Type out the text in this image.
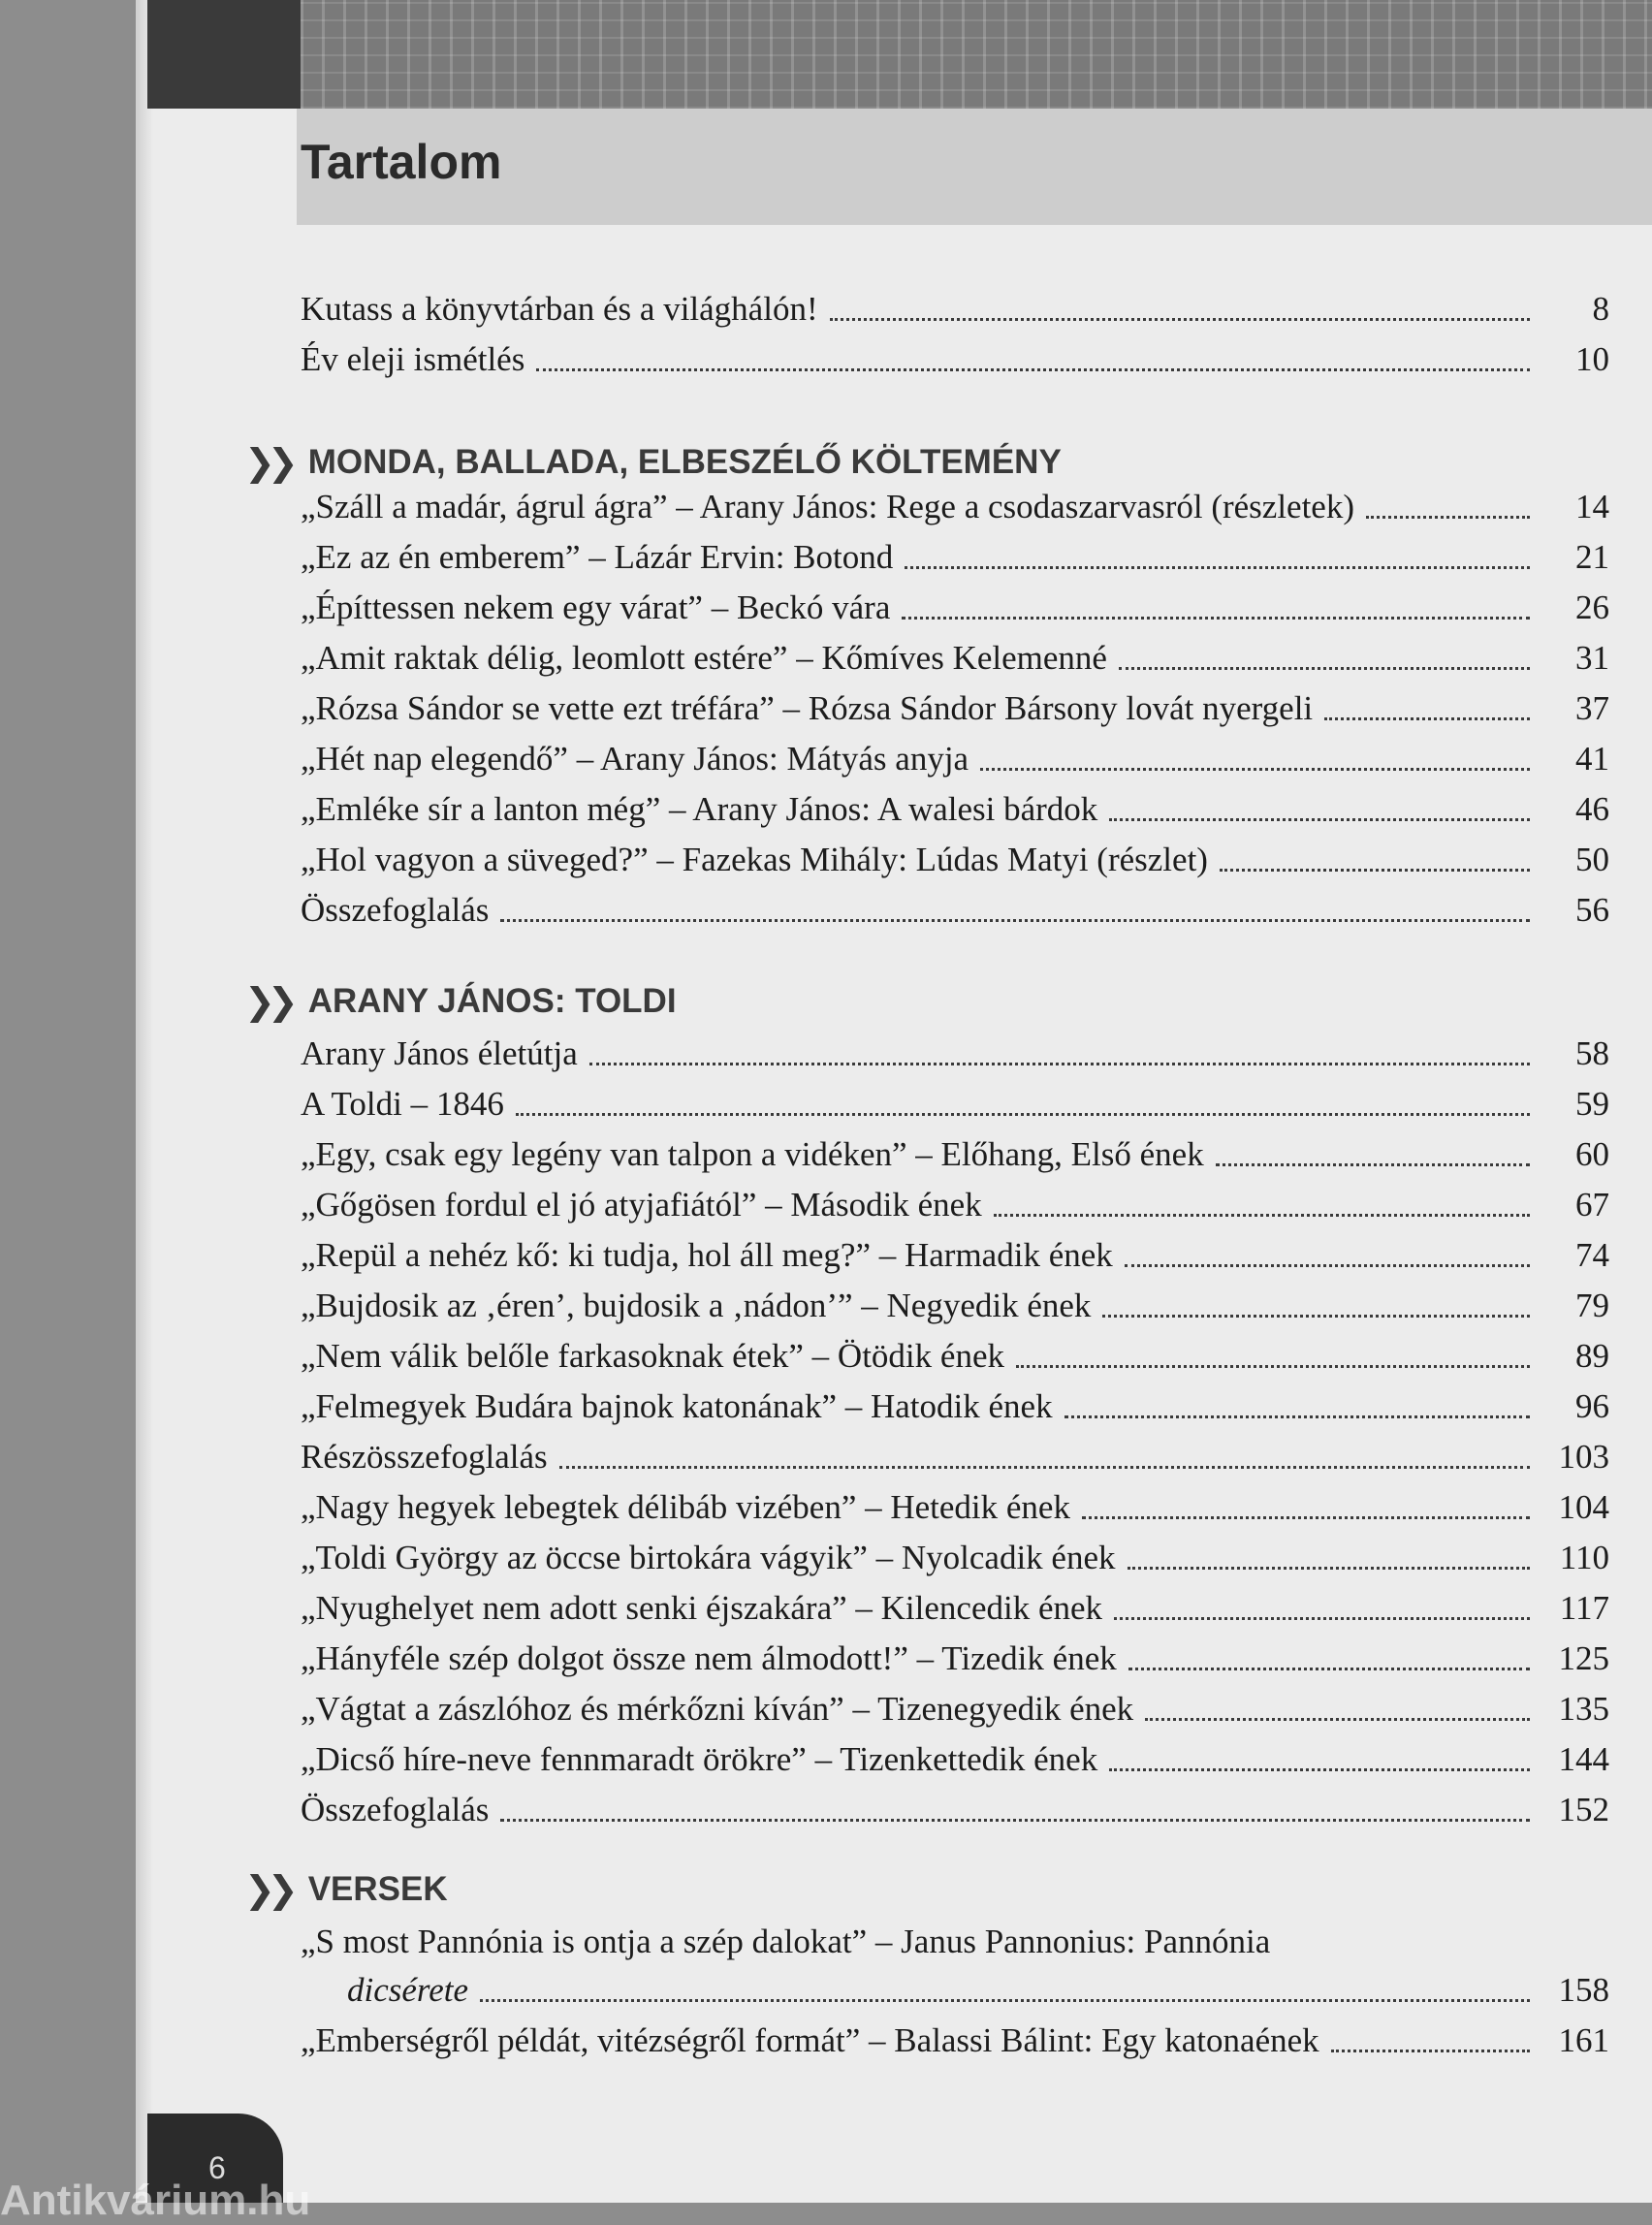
Tartalom
Kutass a könyvtárban és a világhálón!	8
Év eleji ismétlés	10
❯❯ MONDA, BALLADA, ELBESZÉLŐ KÖLTEMÉNY
„Száll a madár, ágrul ágra” – Arany János: Rege a csodaszarvasról (részletek)	14
„Ez az én emberem” – Lázár Ervin: Botond	21
„Építtessen nekem egy várat” – Beckó vára	26
„Amit raktak délig, leomlott estére” – Kőmíves Kelemenné	31
„Rózsa Sándor se vette ezt tréfára” – Rózsa Sándor Bársony lovát nyergeli	37
„Hét nap elegendő” – Arany János: Mátyás anyja	41
„Emléke sír a lanton még” – Arany János: A walesi bárdok	46
„Hol vagyon a süveged?” – Fazekas Mihály: Lúdas Matyi (részlet)	50
Összefoglalás	56
❯❯ ARANY JÁNOS: TOLDI
Arany János életútja	58
A Toldi – 1846	59
„Egy, csak egy legény van talpon a vidéken” – Előhang, Első ének	60
„Gőgösen fordul el jó atyjafiától” – Második ének	67
„Repül a nehéz kő: ki tudja, hol áll meg?” – Harmadik ének	74
„Bujdosik az ‚éren’, bujdosik a ‚nádon’” – Negyedik ének	79
„Nem válik belőle farkasoknak étek” – Ötödik ének	89
„Felmegyek Budára bajnok katonának” – Hatodik ének	96
Részösszefoglalás	103
„Nagy hegyek lebegtek délibáb vizében” – Hetedik ének	104
„Toldi György az öccse birtokára vágyik” – Nyolcadik ének	110
„Nyughelyet nem adott senki éjszakára” – Kilencedik ének	117
„Hányféle szép dolgot össze nem álmodott!” – Tizedik ének	125
„Vágtat a zászlóhoz és mérkőzni kíván” – Tizenegyedik ének	135
„Dicső híre-neve fennmaradt örökre” – Tizenkettedik ének	144
Összefoglalás	152
❯❯ VERSEK
„S most Pannónia is ontja a szép dalokat” – Janus Pannonius: Pannónia
dicsérete	158
„Emberségről példát, vitézségről formát” – Balassi Bálint: Egy katonaének	161
6
Antikvárium.hu
